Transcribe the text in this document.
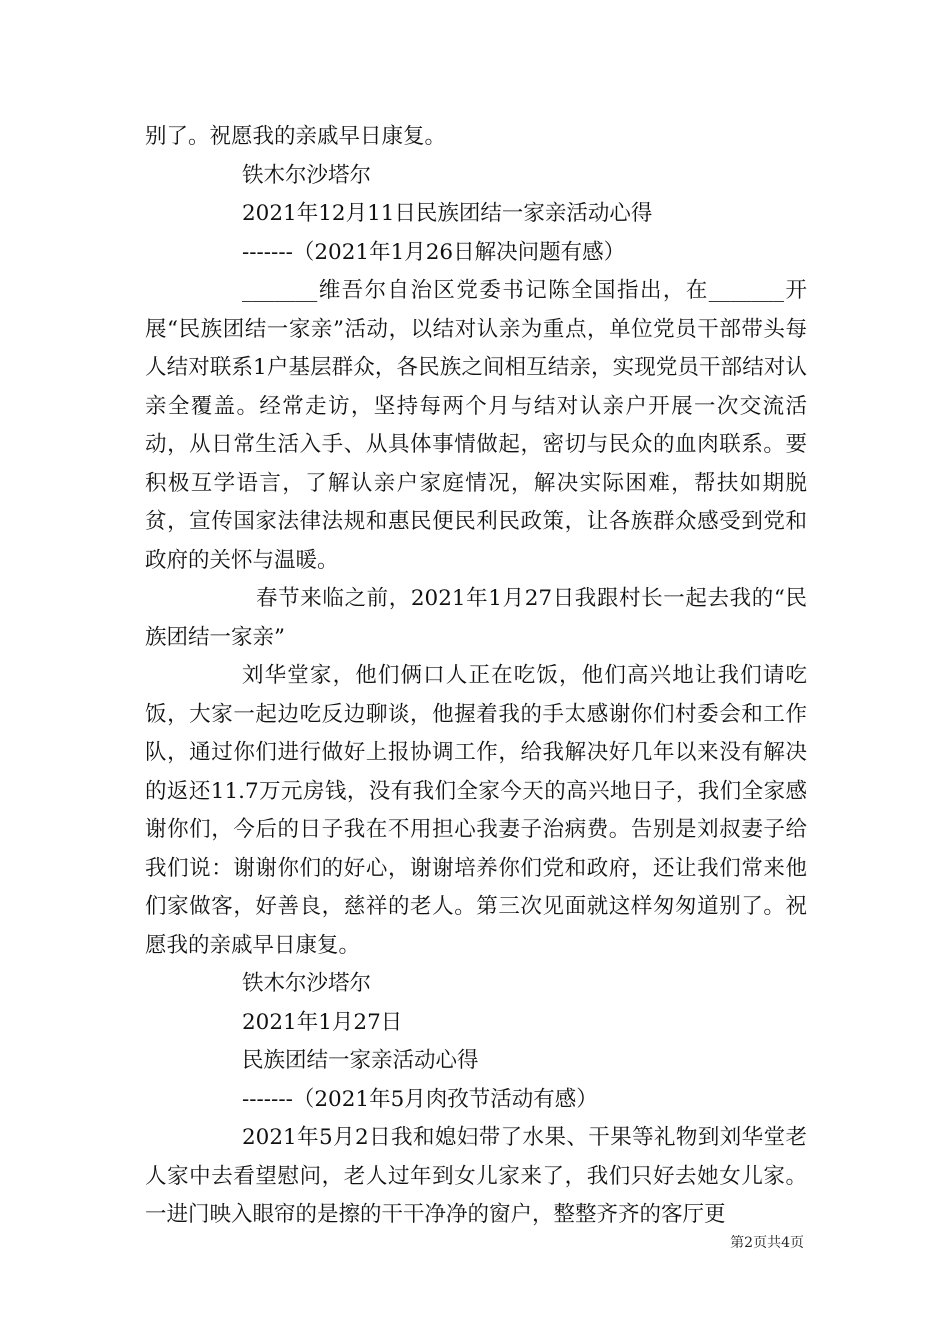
别了。祝愿我的亲戚早日康复。
铁木尔沙塔尔
2021年12月11日民族团结一家亲活动心得
-------（2021年1月26日解决问题有感）

_______维吾尔自治区党委书记陈全国指出，在_______开展“民族团结一家亲”活动，以结对认亲为重点，单位党员干部带头每人结对联系1户基层群众，各民族之间相互结亲，实现党员干部结对认亲全覆盖。经常走访，坚持每两个月与结对认亲户开展一次交流活动，从日常生活入手、从具体事情做起，密切与民众的血肉联系。要积极互学语言，了解认亲户家庭情况，解决实际困难，帮扶如期脱贫，宣传国家法律法规和惠民便民利民政策，让各族群众感受到党和政府的关怀与温暖。

春节来临之前，2021年1月27日我跟村长一起去我的“民族团结一家亲”

刘华堂家，他们俩口人正在吃饭，他们高兴地让我们请吃饭，大家一起边吃反边聊谈，他握着我的手太感谢你们村委会和工作队，通过你们进行做好上报协调工作，给我解决好几年以来没有解决的返还11.7万元房钱，没有我们全家今天的高兴地日子，我们全家感谢你们，今后的日子我在不用担心我妻子治病费。告别是刘叔妻子给我们说：谢谢你们的好心，谢谢培养你们党和政府，还让我们常来他们家做客，好善良，慈祥的老人。第三次见面就这样匆匆道别了。祝愿我的亲戚早日康复。

铁木尔沙塔尔
2021年1月27日
民族团结一家亲活动心得
-------（2021年5月肉孜节活动有感）

2021年5月2日我和媳妇带了水果、干果等礼物到刘华堂老人家中去看望慰问，老人过年到女儿家来了，我们只好去她女儿家。一进门映入眼帘的是擦的干干净净的窗户，整整齐齐的客厅更

第2页共4页
